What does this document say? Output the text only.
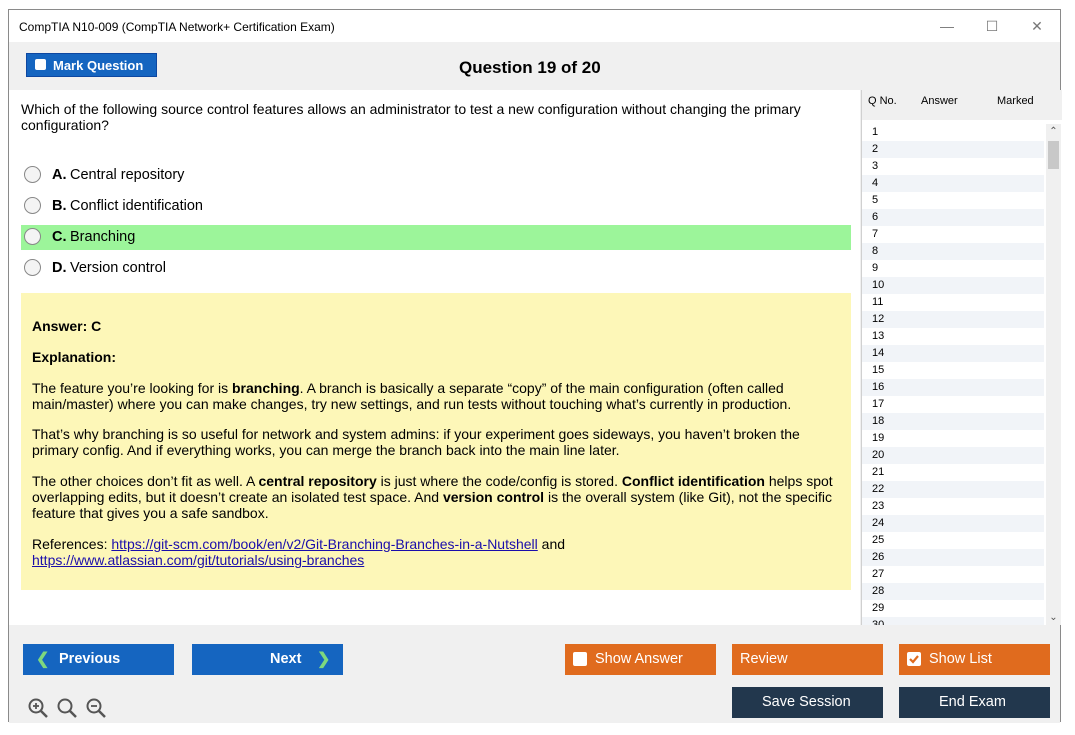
CompTIA N10-009 (CompTIA Network+ Certification Exam)	— ☐ ✕
Mark Question	Question 19 of 20
Which of the following source control features allows an administrator to test a new configuration without changing the primary configuration?
A. Central repository
B. Conflict identification
C. Branching
D. Version control
Answer: C
Explanation:
The feature you’re looking for is branching. A branch is basically a separate “copy” of the main configuration (often called main/master) where you can make changes, try new settings, and run tests without touching what’s currently in production.
That’s why branching is so useful for network and system admins: if your experiment goes sideways, you haven’t broken the primary config. And if everything works, you can merge the branch back into the main line later.
The other choices don’t fit as well. A central repository is just where the code/config is stored. Conflict identification helps spot overlapping edits, but it doesn’t create an isolated test space. And version control is the overall system (like Git), not the specific feature that gives you a safe sandbox.
References: https://git-scm.com/book/en/v2/Git-Branching-Branches-in-a-Nutshell and
https://www.atlassian.com/git/tutorials/using-branches
Q No. Answer	Marked
1
2
3
4
5
6
7
8
9
10
11
12
13
14
15
16
17
18
19
20
21
22
23
24
25
26
27
28
29
⌃
⌄
❮ Previous	Next ❯	Show Answer	Review	Show List
Save Session	End Exam
